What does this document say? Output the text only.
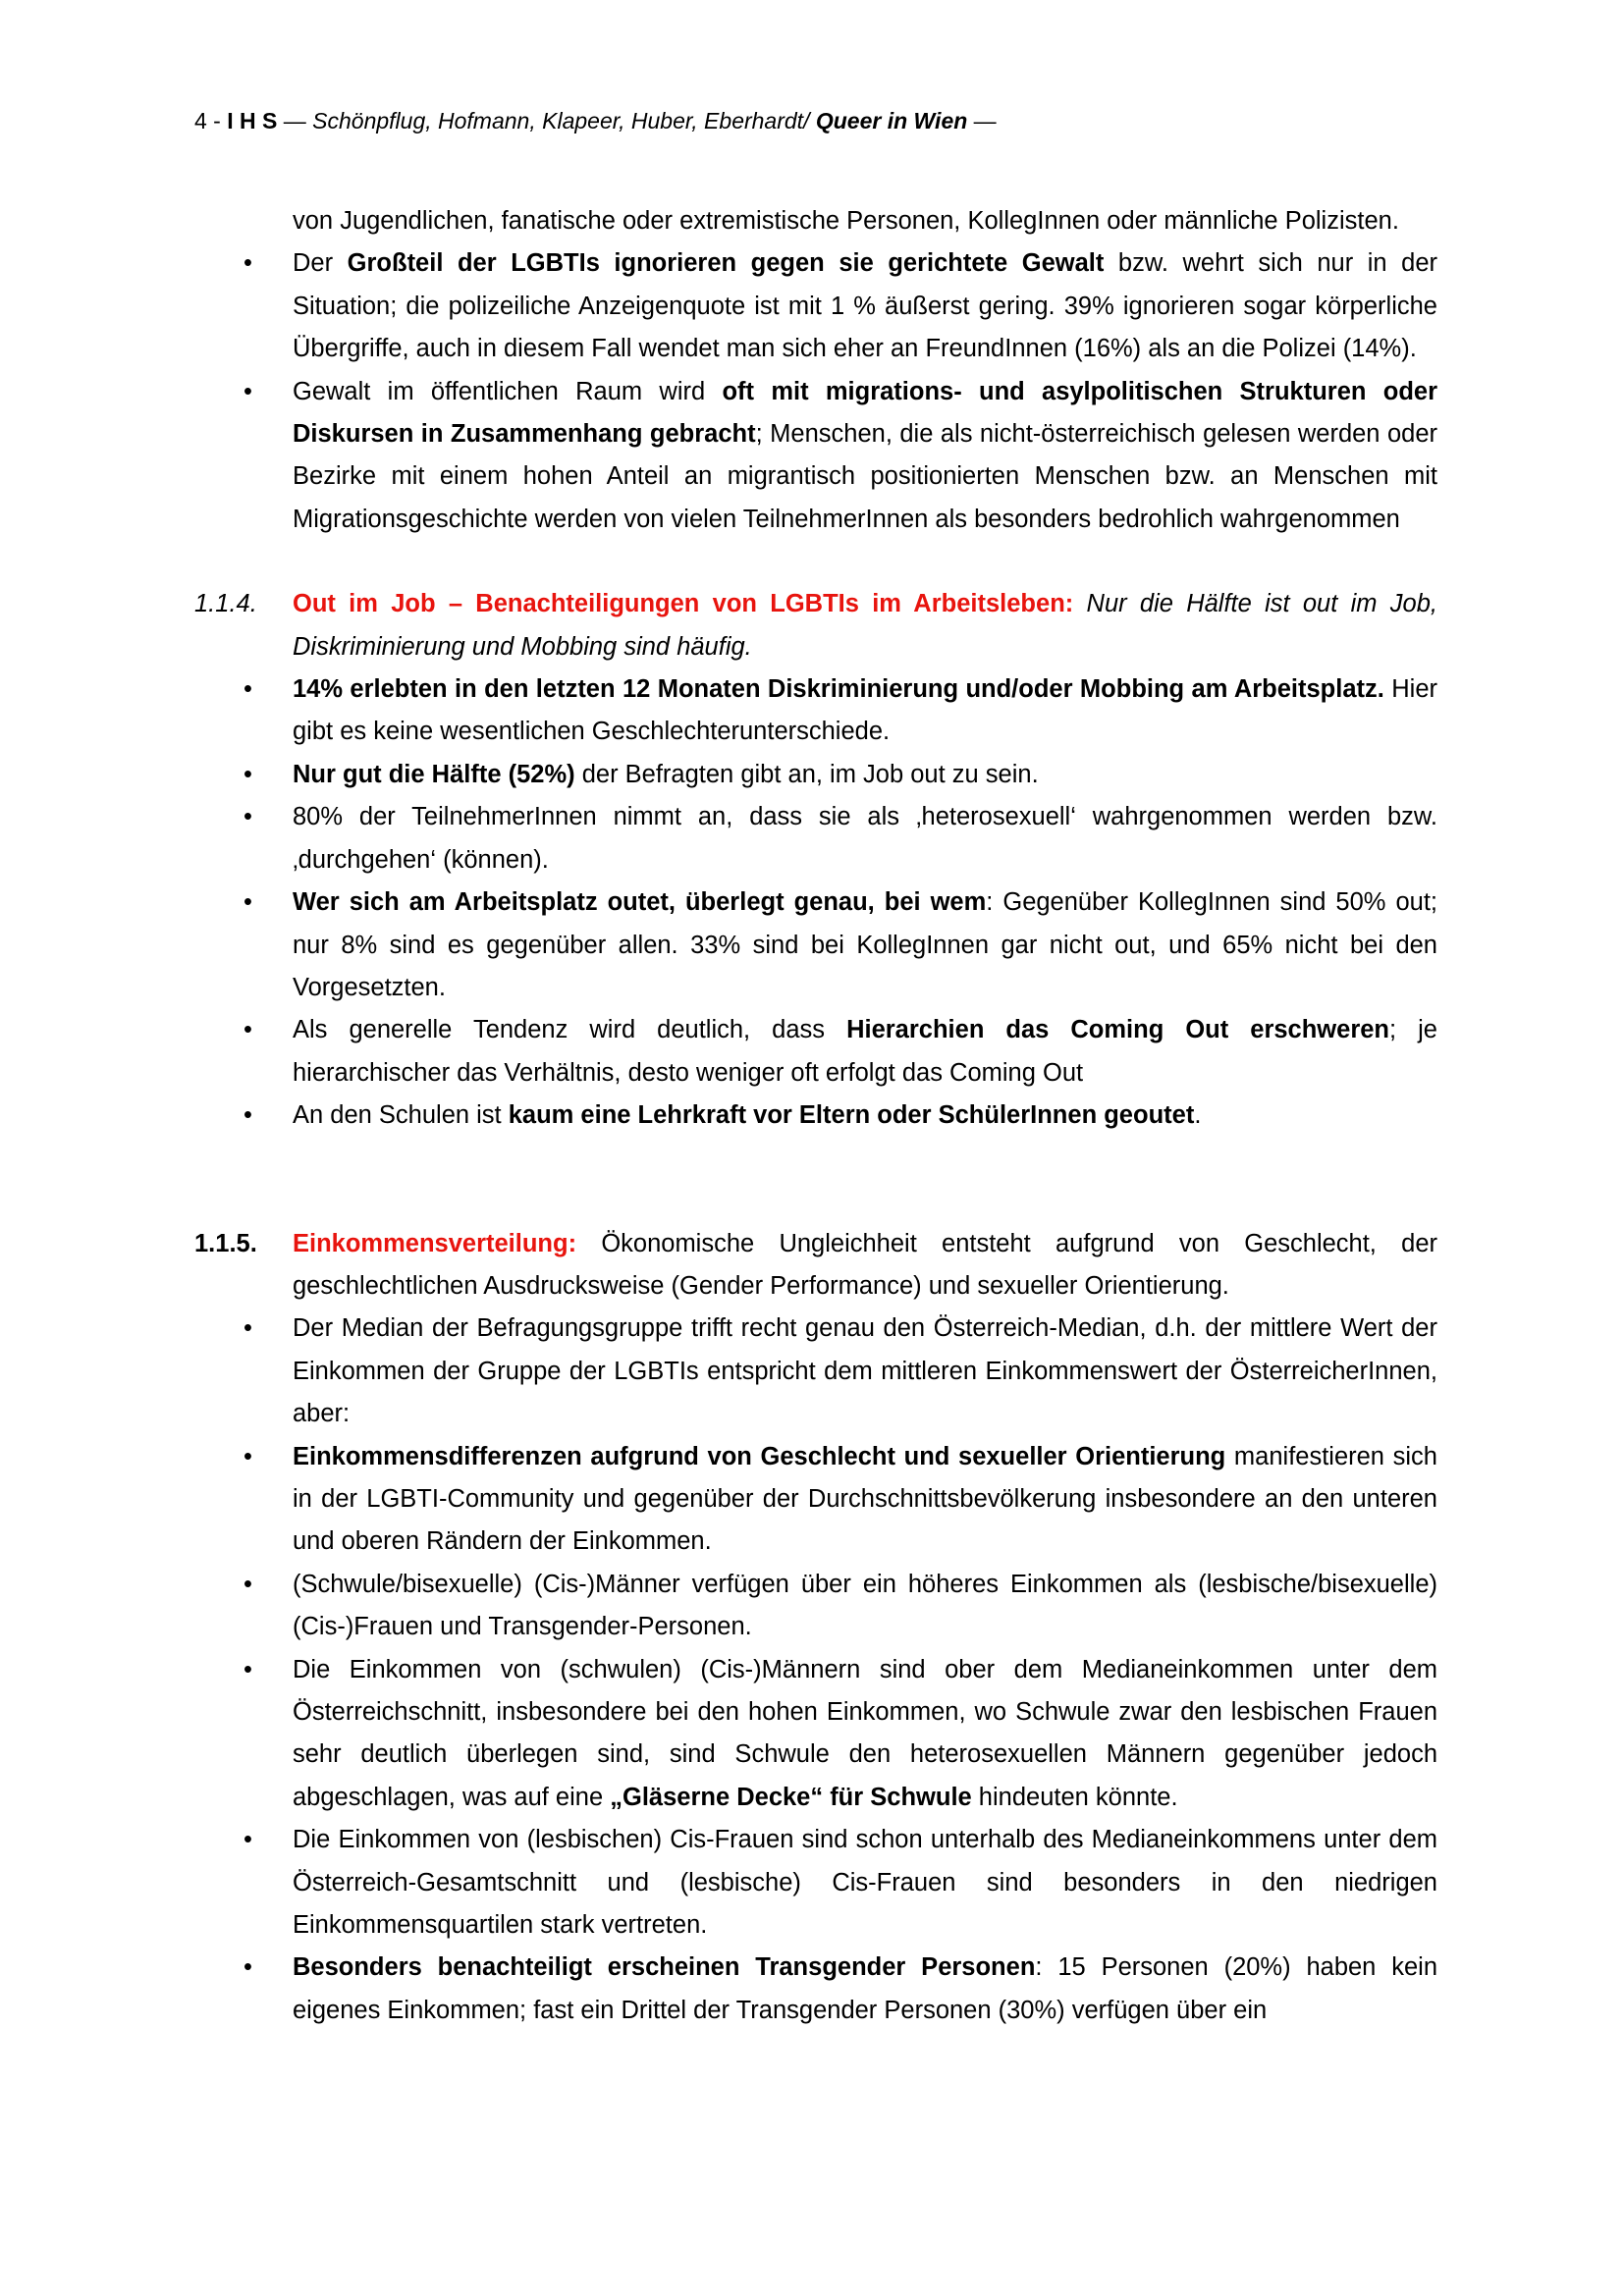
4 - I H S — Schönpflug, Hofmann, Klapeer, Huber, Eberhardt/ Queer in Wien —

von Jugendlichen, fanatische oder extremistische Personen, KollegInnen oder männliche Polizisten.

•	Der Großteil der LGBTIs ignorieren gegen sie gerichtete Gewalt bzw. wehrt sich nur in der Situation; die polizeiliche Anzeigenquote ist mit 1 % äußerst gering. 39% ignorieren sogar körperliche Übergriffe, auch in diesem Fall wendet man sich eher an FreundInnen (16%) als an die Polizei (14%).
•	Gewalt im öffentlichen Raum wird oft mit migrations- und asylpolitischen Strukturen oder Diskursen in Zusammenhang gebracht; Menschen, die als nicht-österreichisch gelesen werden oder Bezirke mit einem hohen Anteil an migrantisch positionierten Menschen bzw. an Menschen mit Migrationsgeschichte werden von vielen TeilnehmerInnen als besonders bedrohlich wahrgenommen
1.1.4. Out im Job – Benachteiligungen von LGBTIs im Arbeitsleben: Nur die Hälfte ist out im Job, Diskriminierung und Mobbing sind häufig.
•	14% erlebten in den letzten 12 Monaten Diskriminierung und/oder Mobbing am Arbeitsplatz. Hier gibt es keine wesentlichen Geschlechterunterschiede.
•	Nur gut die Hälfte (52%) der Befragten gibt an, im Job out zu sein.
•	80% der TeilnehmerInnen nimmt an, dass sie als ‚heterosexuell‘ wahrgenommen werden bzw. ‚durchgehen‘ (können).
•	Wer sich am Arbeitsplatz outet, überlegt genau, bei wem: Gegenüber KollegInnen sind 50% out; nur 8% sind es gegenüber allen. 33% sind bei KollegInnen gar nicht out, und 65% nicht bei den Vorgesetzten.
•	Als generelle Tendenz wird deutlich, dass Hierarchien das Coming Out erschweren; je hierarchischer das Verhältnis, desto weniger oft erfolgt das Coming Out
•	An den Schulen ist kaum eine Lehrkraft vor Eltern oder SchülerInnen geoutet.
1.1.5. Einkommensverteilung: Ökonomische Ungleichheit entsteht aufgrund von Geschlecht, der geschlechtlichen Ausdrucksweise (Gender Performance) und sexueller Orientierung.
•	Der Median der Befragungsgruppe trifft recht genau den Österreich-Median, d.h. der mittlere Wert der Einkommen der Gruppe der LGBTIs entspricht dem mittleren Einkommenswert der ÖsterreicherInnen, aber:
•	Einkommensdifferenzen aufgrund von Geschlecht und sexueller Orientierung manifestieren sich in der LGBTI-Community und gegenüber der Durchschnittsbevölkerung insbesondere an den unteren und oberen Rändern der Einkommen.
•	(Schwule/bisexuelle) (Cis-)Männer verfügen über ein höheres Einkommen als (lesbische/bisexuelle) (Cis-)Frauen und Transgender-Personen.
•	Die Einkommen von (schwulen) (Cis-)Männern sind ober dem Medianeinkommen unter dem Österreichschnitt, insbesondere bei den hohen Einkommen, wo Schwule zwar den lesbischen Frauen sehr deutlich überlegen sind, sind Schwule den heterosexuellen Männern gegenüber jedoch abgeschlagen, was auf eine „Gläserne Decke“ für Schwule hindeuten könnte.
•	Die Einkommen von (lesbischen) Cis-Frauen sind schon unterhalb des Medianeinkommens unter dem Österreich-Gesamtschnitt und (lesbische) Cis-Frauen sind besonders in den niedrigen Einkommensquartilen stark vertreten.
•	Besonders benachteiligt erscheinen Transgender Personen: 15 Personen (20%) haben kein eigenes Einkommen; fast ein Drittel der Transgender Personen (30%) verfügen über ein
